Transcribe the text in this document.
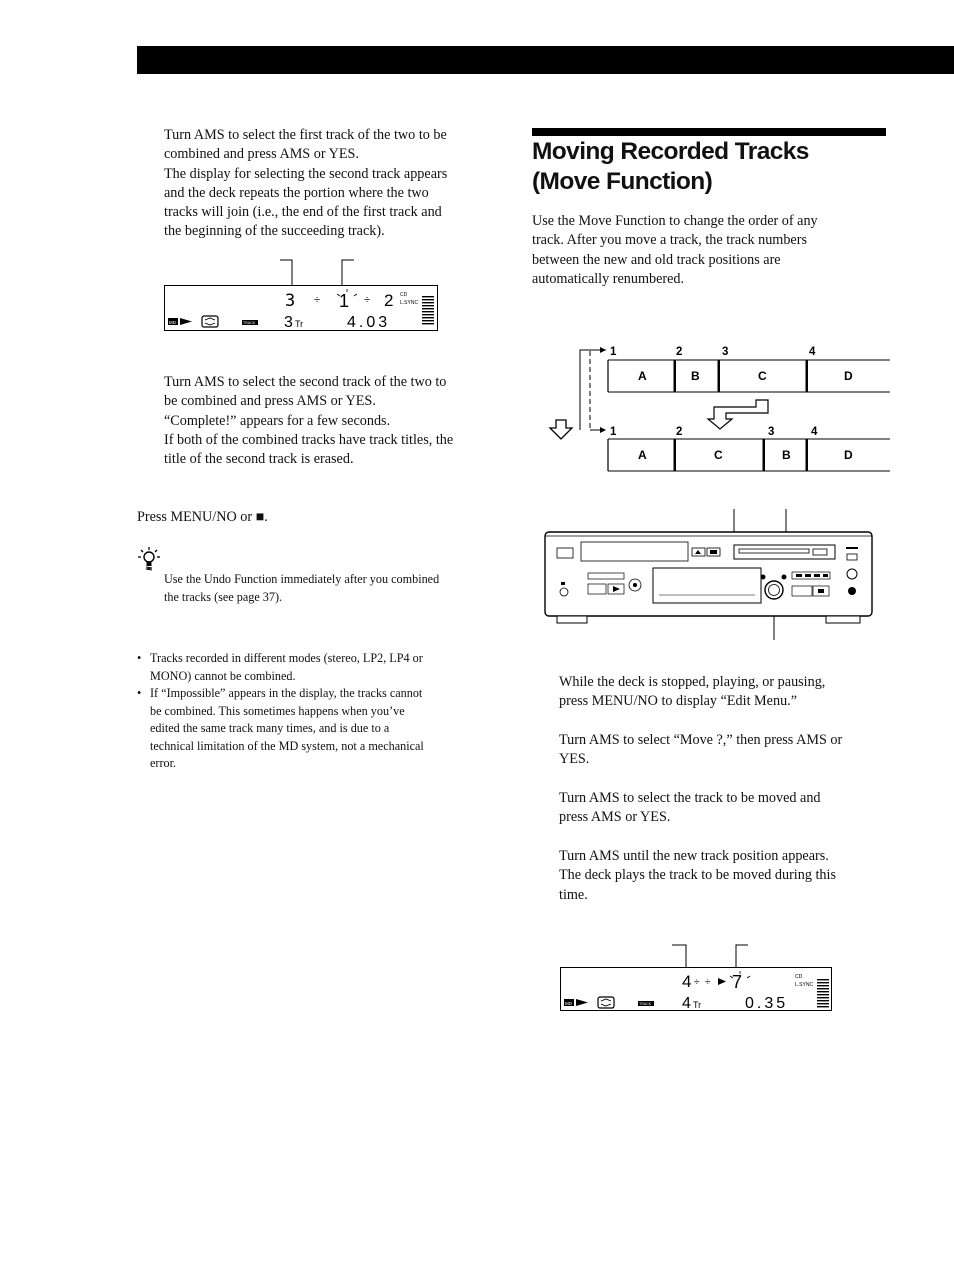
Turn AMS to select the first track of the two to be
combined and press AMS or YES.
The display for selecting the second track appears
and the deck repeats the portion where the two
tracks will join (i.e., the end of the first track and
the beginning of the succeeding track).
3 ÷ 1 ÷ 2 CD
L.SYNC
MD	TRACK 3 Tr	4.03
Turn AMS to select the second track of the two to
be combined and press AMS or YES.
“Complete!” appears for a few seconds.
If both of the combined tracks have track titles, the
title of the second track is erased.
Press MENU/NO or ■.
Use the Undo Function immediately after you combined
the tracks (see page 37).
• Tracks recorded in different modes (stereo, LP2, LP4 or
MONO) cannot be combined.
• If “Impossible” appears in the display, the tracks cannot
be combined. This sometimes happens when you’ve
edited the same track many times, and is due to a
technical limitation of the MD system, not a mechanical
error.
Moving Recorded Tracks
(Move Function)
Use the Move Function to change the order of any
track. After you move a track, the track numbers
between the new and old track positions are
automatically renumbered.
1	2	3	4
A	B	C	D
1	2	3	4
A	C	B	D
While the deck is stopped, playing, or pausing,
press MENU/NO to display “Edit Menu.”
Turn AMS to select “Move ?,” then press AMS or
YES.
Turn AMS to select the track to be moved and
press AMS or YES.
Turn AMS until the new track position appears.
The deck plays the track to be moved during this
time.
4 ÷ ÷ 7	CD
L.SYNC
MD	TRACK 4 Tr	0.35
